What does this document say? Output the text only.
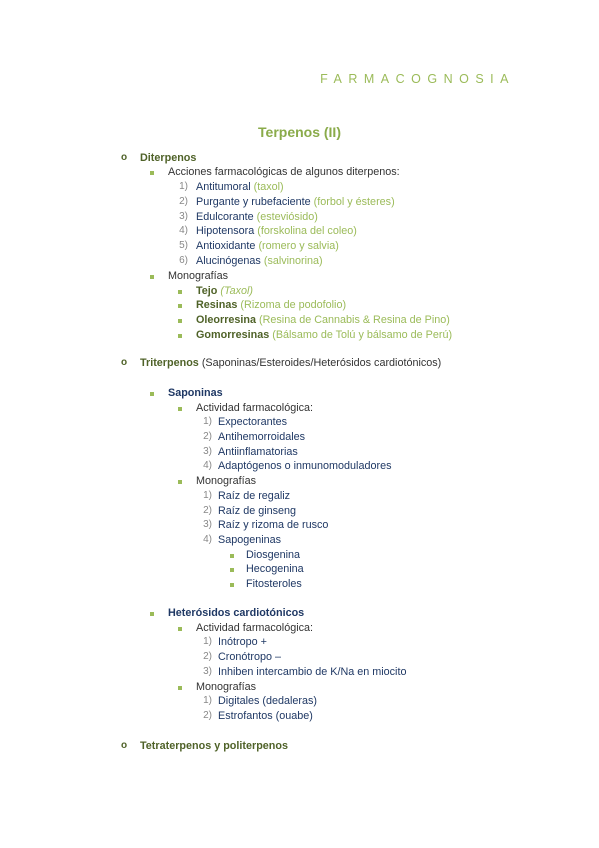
FARMACOGNOSIA
Terpenos (II)
o Diterpenos
Acciones farmacológicas de algunos diterpenos:
1) Antitumoral (taxol)
2) Purgante y rubefaciente (forbol y ésteres)
3) Edulcorante (esteviósido)
4) Hipotensora (forskolina del coleo)
5) Antioxidante (romero y salvia)
6) Alucinógenas (salvinorina)
Monografías
Tejo (Taxol)
Resinas (Rizoma de podofolio)
Oleorresina (Resina de Cannabis & Resina de Pino)
Gomorresinas (Bálsamo de Tolú y bálsamo de Perú)
o Triterpenos (Saponinas/Esteroides/Heterósidos cardiotónicos)
Saponinas
Actividad farmacológica:
1) Expectorantes
2) Antihemorroidales
3) Antiinflamatorias
4) Adaptógenos o inmunomoduladores
Monografías
1) Raíz de regaliz
2) Raíz de ginseng
3) Raíz y rizoma de rusco
4) Sapogeninas
Diosgenina
Hecogenina
Fitosteroles
Heterósidos cardiotónicos
Actividad farmacológica:
1) Inótropo +
2) Cronótropo –
3) Inhiben intercambio de K/Na en miocito
Monografías
1) Digitales (dedaleras)
2) Estrofantos (ouabe)
o Tetraterpenos y politerpenos
